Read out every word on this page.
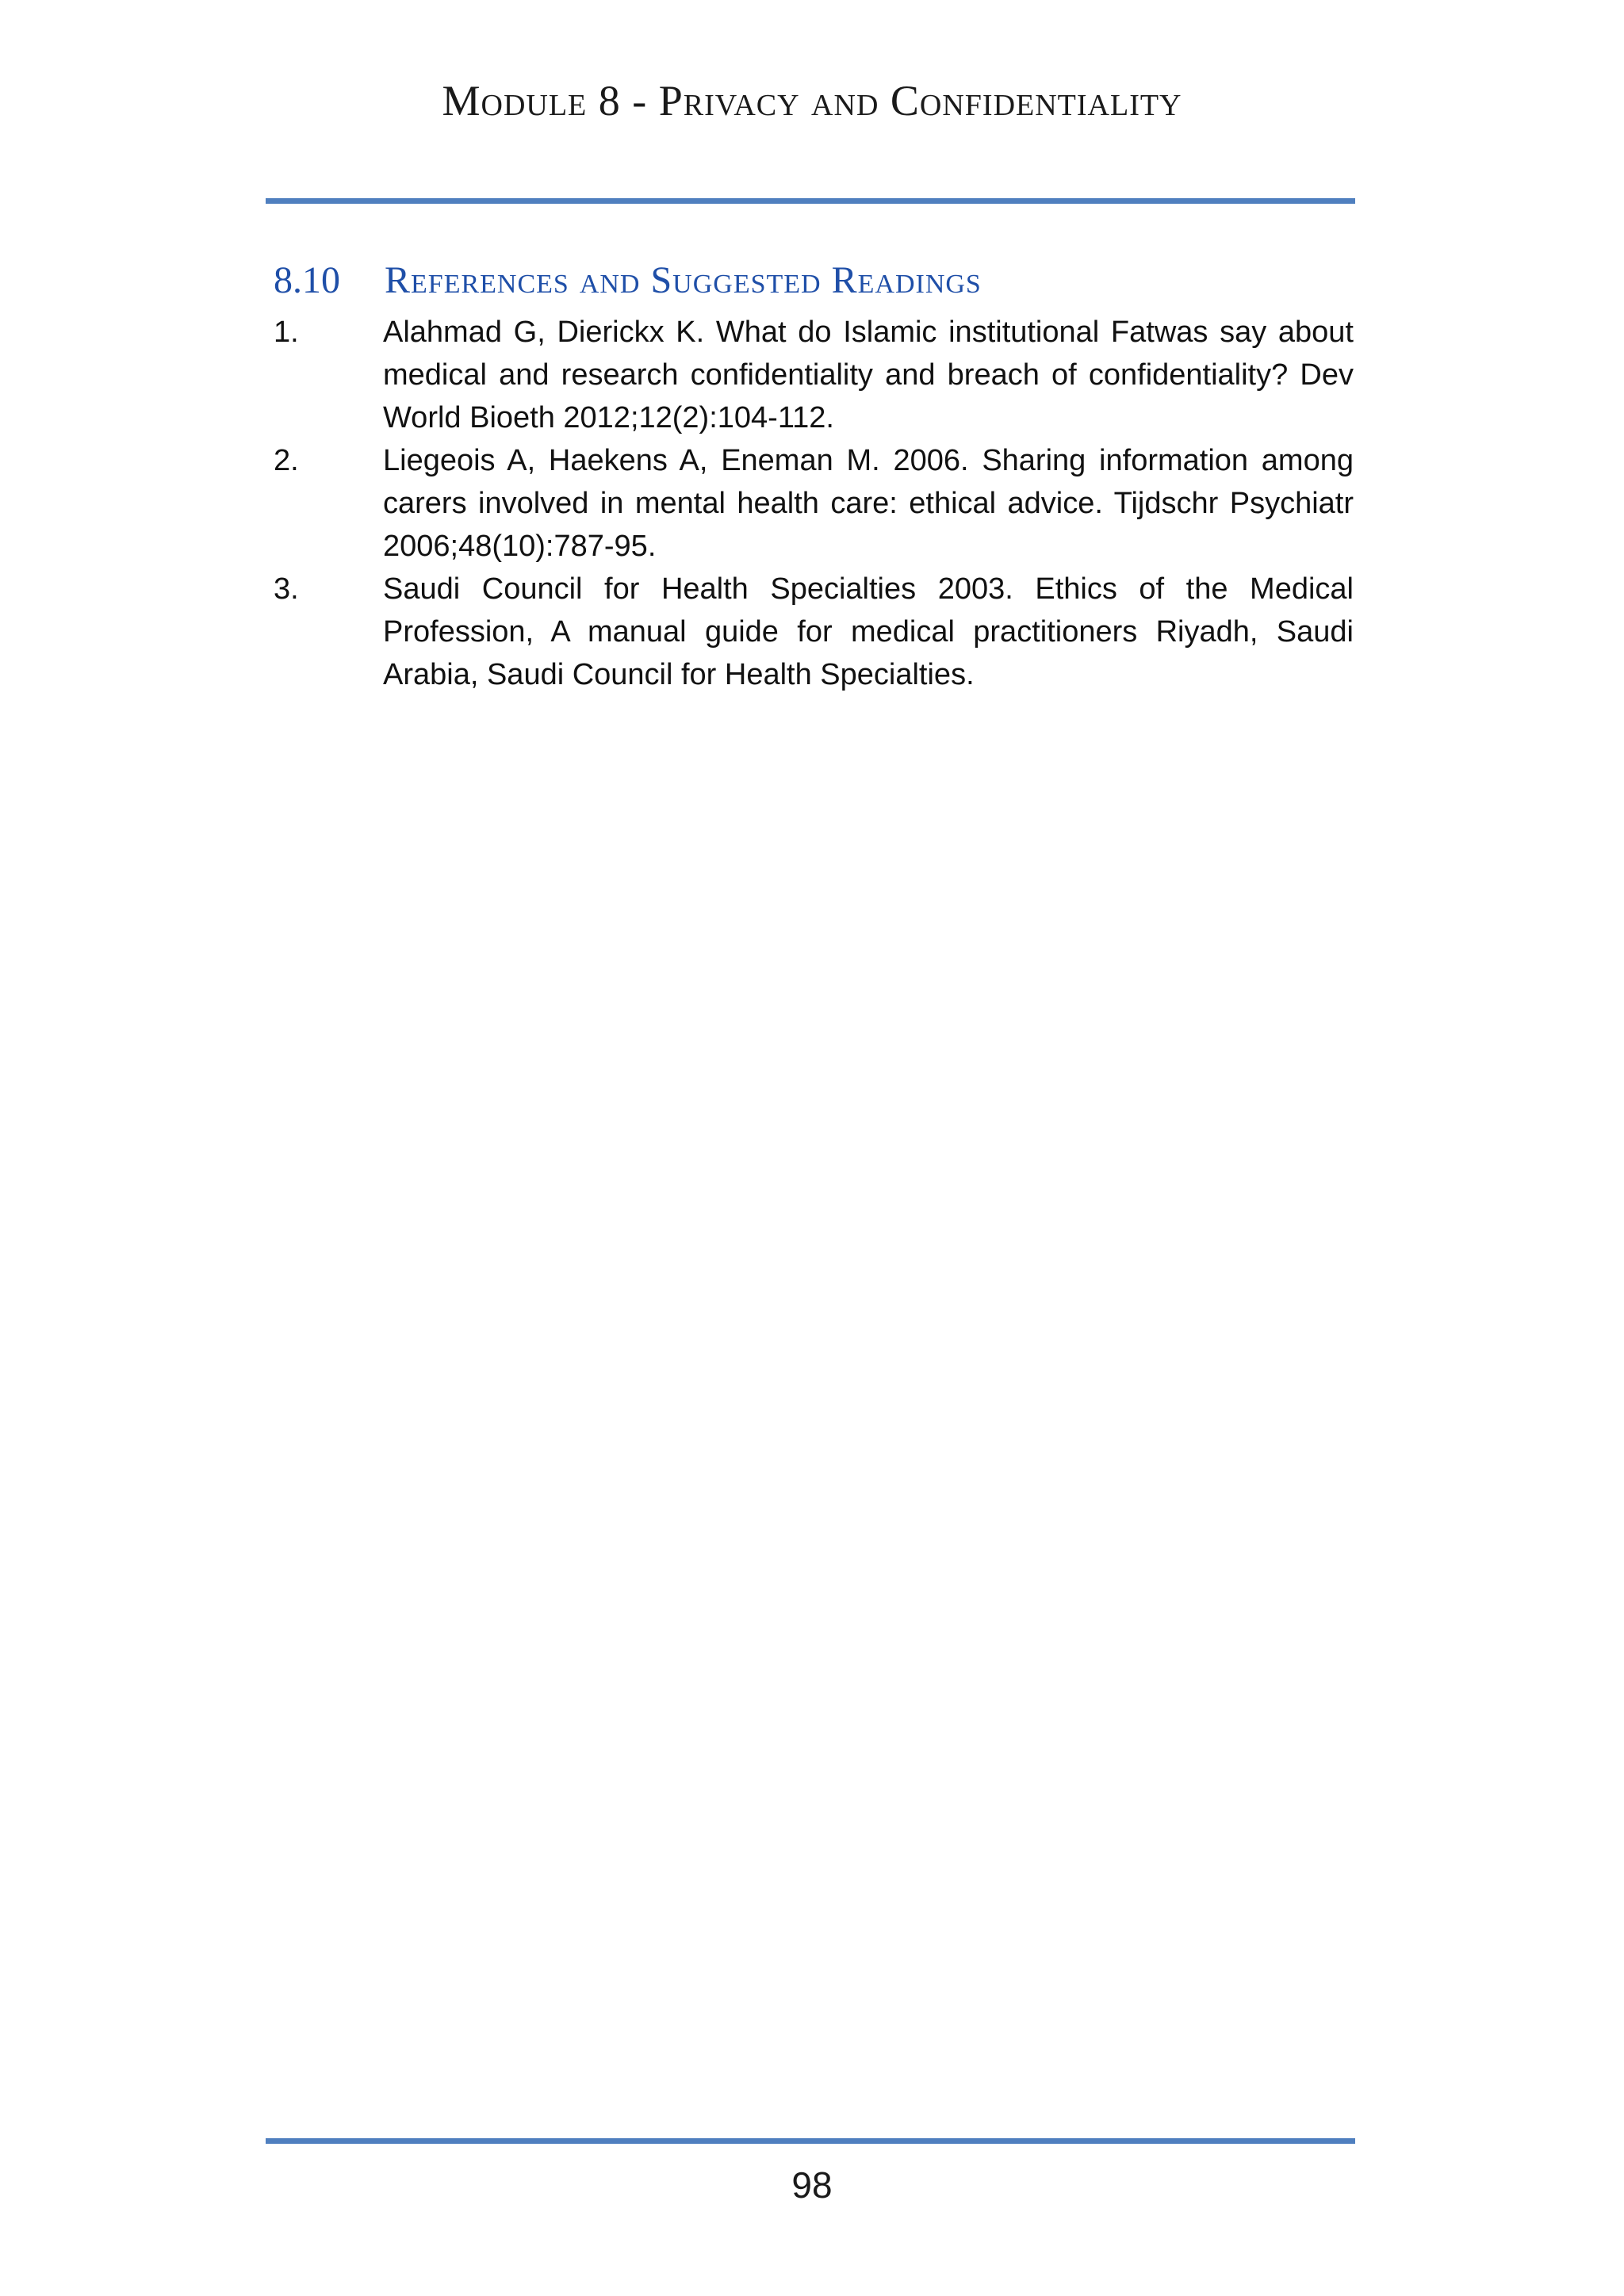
Module 8 - Privacy and Confidentiality
8.10 References and Suggested Readings
1.	Alahmad G, Dierickx K. What do Islamic institutional Fatwas say about medical and research confidentiality and breach of confidentiality? Dev World Bioeth 2012;12(2):104-112.
2.	Liegeois A, Haekens A, Eneman M. 2006. Sharing information among carers involved in mental health care: ethical advice. Tijdschr Psychiatr 2006;48(10):787-95.
3.	Saudi Council for Health Specialties 2003. Ethics of the Medical Profession, A manual guide for medical practitioners Riyadh, Saudi Arabia, Saudi Council for Health Specialties.
98
